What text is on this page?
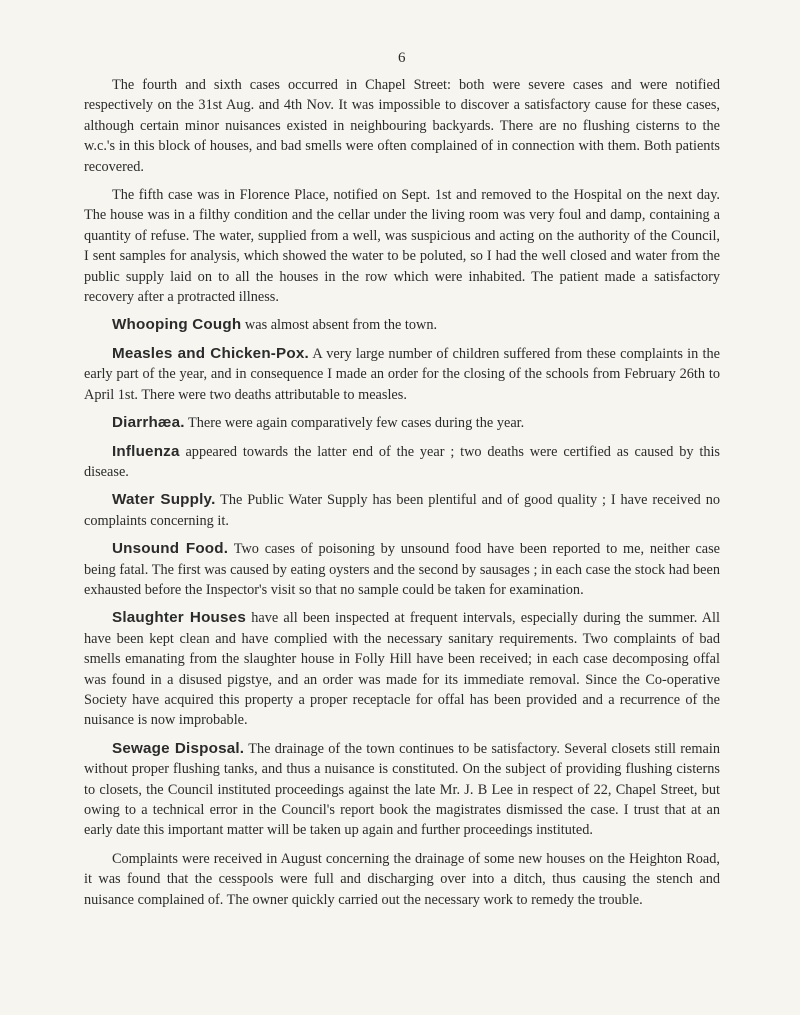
6

The fourth and sixth cases occurred in Chapel Street: both were severe cases and were notified respectively on the 31st Aug. and 4th Nov. It was impossible to discover a satisfactory cause for these cases, although certain minor nuisances existed in neighbouring backyards. There are no flushing cisterns to the w.c.'s in this block of houses, and bad smells were often complained of in connection with them. Both patients recovered.

The fifth case was in Florence Place, notified on Sept. 1st and removed to the Hospital on the next day. The house was in a filthy condition and the cellar under the living room was very foul and damp, containing a quantity of refuse. The water, supplied from a well, was suspicious and acting on the authority of the Council, I sent samples for analysis, which showed the water to be poluted, so I had the well closed and water from the public supply laid on to all the houses in the row which were inhabited. The patient made a satisfactory recovery after a protracted illness.

Whooping Cough was almost absent from the town.

Measles and Chicken-Pox. A very large number of children suffered from these complaints in the early part of the year, and in consequence I made an order for the closing of the schools from February 26th to April 1st. There were two deaths attributable to measles.

Diarrhæa. There were again comparatively few cases during the year.

Influenza appeared towards the latter end of the year ; two deaths were certified as caused by this disease.

Water Supply. The Public Water Supply has been plentiful and of good quality ; I have received no complaints concerning it.

Unsound Food. Two cases of poisoning by unsound food have been reported to me, neither case being fatal. The first was caused by eating oysters and the second by sausages ; in each case the stock had been exhausted before the Inspector's visit so that no sample could be taken for examination.

Slaughter Houses have all been inspected at frequent intervals, especially during the summer. All have been kept clean and have complied with the necessary sanitary requirements. Two complaints of bad smells emanating from the slaughter house in Folly Hill have been received; in each case decomposing offal was found in a disused pigstye, and an order was made for its immediate removal. Since the Co-operative Society have acquired this property a proper receptacle for offal has been provided and a recurrence of the nuisance is now improbable.

Sewage Disposal. The drainage of the town continues to be satisfactory. Several closets still remain without proper flushing tanks, and thus a nuisance is constituted. On the subject of providing flushing cisterns to closets, the Council instituted proceedings against the late Mr. J. B Lee in respect of 22, Chapel Street, but owing to a technical error in the Council's report book the magistrates dismissed the case. I trust that at an early date this important matter will be taken up again and further proceedings instituted.

Complaints were received in August concerning the drainage of some new houses on the Heighton Road, it was found that the cesspools were full and discharging over into a ditch, thus causing the stench and nuisance complained of. The owner quickly carried out the necessary work to remedy the trouble.
